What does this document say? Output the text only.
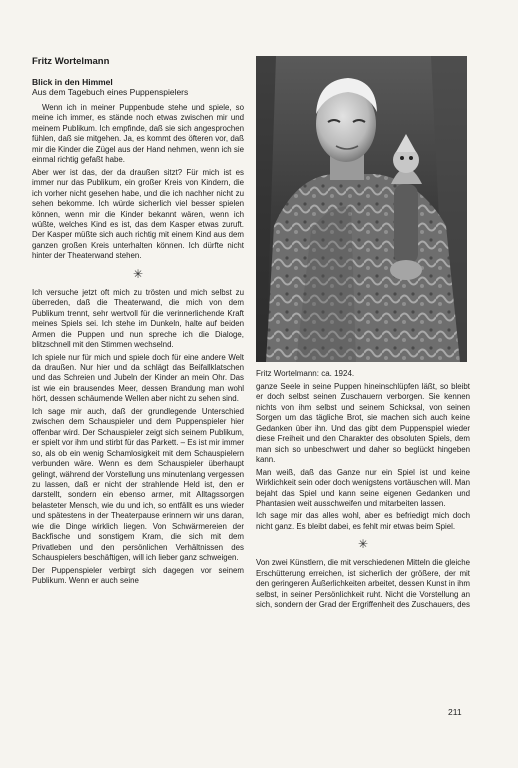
Fritz Wortelmann

Blick in den Himmel

Aus dem Tagebuch eines Puppenspielers

Wenn ich in meiner Puppenbude stehe und spiele, so meine ich immer, es stände noch etwas zwischen mir und meinem Publikum. Ich empfinde, daß sie sich angesprochen fühlen, daß sie mitgehen. Ja, es kommt des öfteren vor, daß mir die Kinder die Zügel aus der Hand nehmen, wenn ich sie einmal richtig gefaßt habe.

Aber wer ist das, der da draußen sitzt? Für mich ist es immer nur das Publikum, ein großer Kreis von Kindern, die ich vorher nicht gesehen habe, und die ich nachher nicht zu sehen bekomme. Ich würde sicherlich viel besser spielen können, wenn mir die Kinder bekannt wären, wenn ich wüßte, welches Kind es ist, das dem Kasper etwas zuruft. Der Kasper müßte sich auch richtig mit einem Kind aus dem ganzen großen Kreis unterhalten können. Ich dürfte nicht hinter der Theaterwand stehen.

✳

Ich versuche jetzt oft mich zu trösten und mich selbst zu überreden, daß die Theaterwand, die mich von dem Publikum trennt, sehr wertvoll für die verinnerlichende Kraft meines Spiels sei. Ich stehe im Dunkeln, halte auf beiden Armen die Puppen und nun spreche ich die Dialoge, blitzschnell mit den Stimmen wechselnd.

Ich spiele nur für mich und spiele doch für eine andere Welt da draußen. Nur hier und da schlägt das Beifallklatschen und das Schreien und Jubeln der Kinder an mein Ohr. Das ist wie ein brausendes Meer, dessen Brandung man wohl hört, dessen schäumende Wellen aber nicht zu sehen sind.

Ich sage mir auch, daß der grundlegende Unterschied zwischen dem Schauspieler und dem Puppenspieler hier offenbar wird. Der Schauspieler zeigt sich seinem Publikum, er spielt vor ihm und stirbt für das Parkett. – Es ist mir immer so, als ob ein wenig Schamlosigkeit mit dem Schauspielern verbunden wäre. Wenn es dem Schauspieler überhaupt gelingt, während der Vorstellung uns minutenlang vergessen zu lassen, daß er nicht der strahlende Held ist, den er darstellt, sondern ein ebenso armer, mit Alltagssorgen belasteter Mensch, wie du und ich, so entfällt es uns wieder und spätestens in der Theaterpause erinnern wir uns daran, wie die Dinge wirklich liegen. Von Schwärmereien der Backfische und sonstigem Kram, die sich mit dem Privatleben und den persönlichen Verhältnissen des Schauspielers beschäftigen, will ich lieber ganz schweigen.

Der Puppenspieler verbirgt sich dagegen vor seinem Publikum. Wenn er auch seine

Fritz Wortelmann: ca. 1924.

ganze Seele in seine Puppen hineinschlüpfen läßt, so bleibt er doch selbst seinen Zuschauern verborgen. Sie kennen nichts von ihm selbst und seinem Schicksal, von seinen Sorgen um das tägliche Brot, sie machen sich auch keine Gedanken über ihn. Und das gibt dem Puppenspiel wieder diese Freiheit und den Charakter des obsoluten Spiels, dem man sich so unbeschwert und daher so beglückt hingeben kann.

Man weiß, daß das Ganze nur ein Spiel ist und keine Wirklichkeit sein oder doch wenigstens vortäuschen will. Man bejaht das Spiel und kann seine eigenen Gedanken und Phantasien weit ausschweifen und mitarbeiten lassen.

Ich sage mir das alles wohl, aber es befriedigt mich doch nicht ganz. Es bleibt dabei, es fehlt mir etwas beim Spiel.

✳

Von zwei Künstlern, die mit verschiedenen Mitteln die gleiche Erschütterung erreichen, ist sicherlich der größere, der mit den geringeren Äußerlichkeiten arbeitet, dessen Kunst in ihm selbst, in seiner Persönlichkeit ruht. Nicht die Vorstellung an sich, sondern der Grad der Ergriffenheit des Zuschauers, des

211
